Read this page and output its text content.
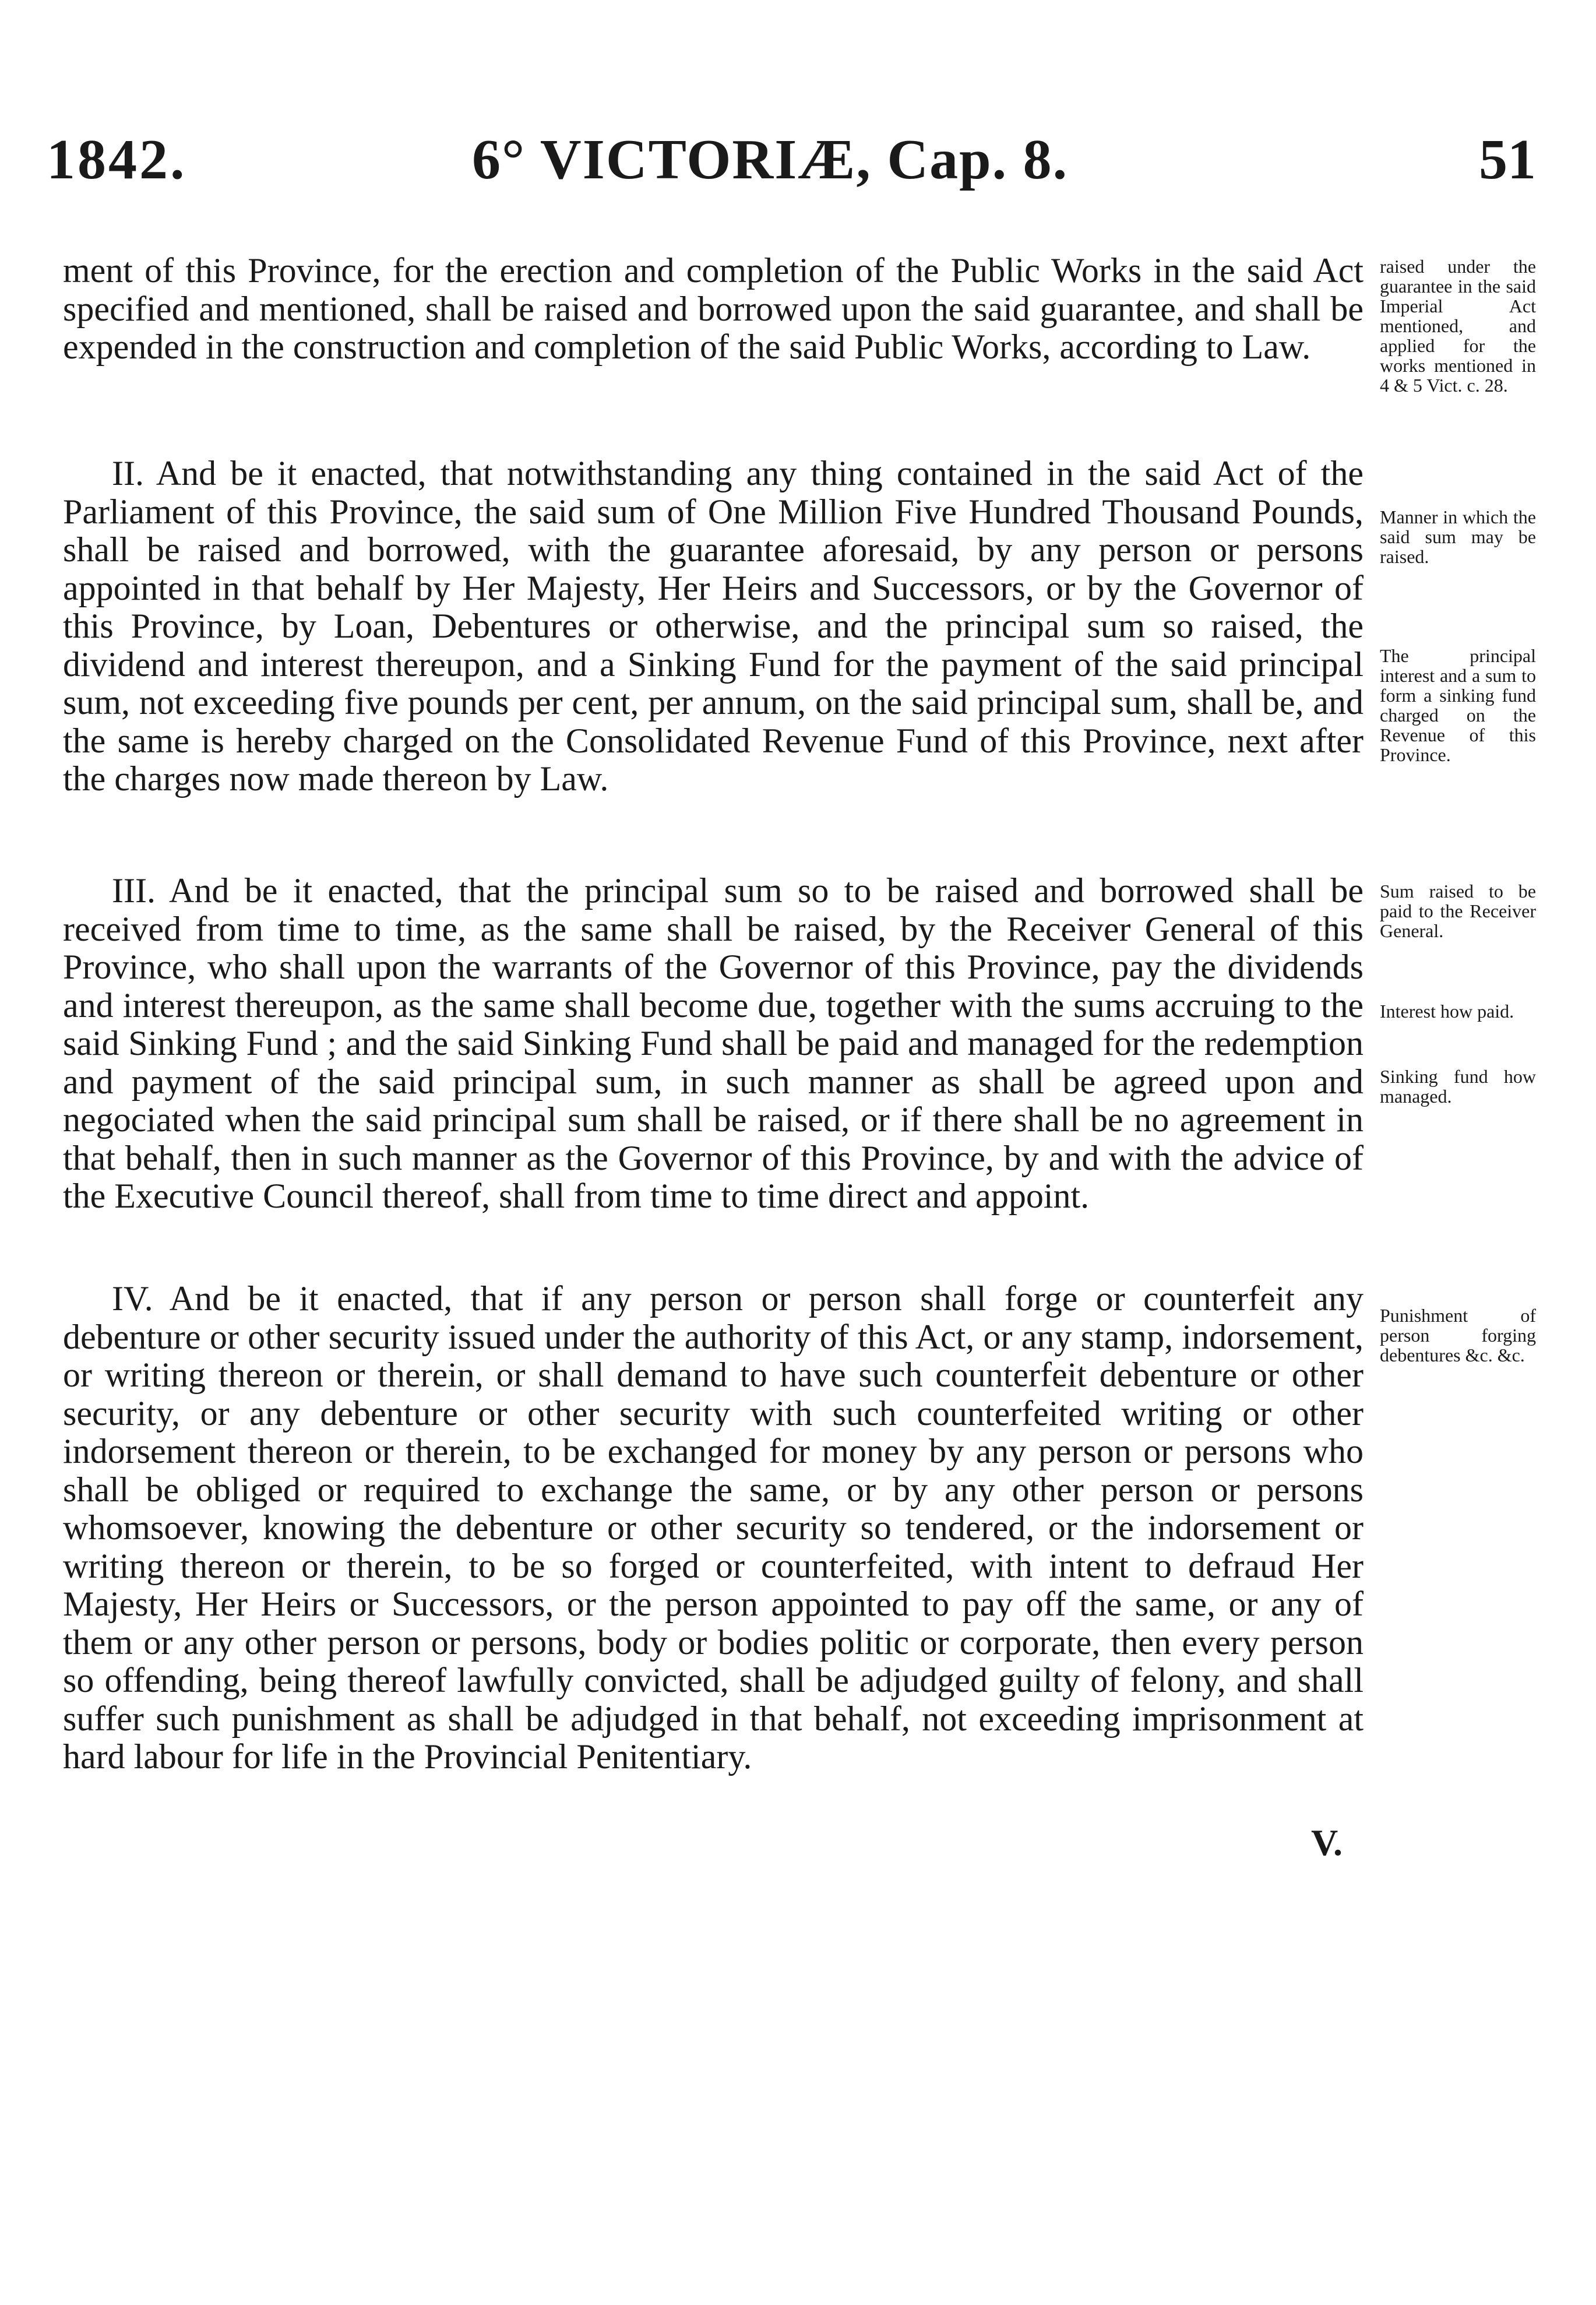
1842.	6° VICTORIÆ, Cap. 8.	51

ment of this Province, for the erection and completion of the Public Works in the said Act specified and mentioned, shall be raised and borrowed upon the said guarantee, and shall be expended in the construction and completion of the said Public Works, according to Law.

II. And be it enacted, that notwithstanding any thing contained in the said Act of the Parliament of this Province, the said sum of One Million Five Hundred Thousand Pounds, shall be raised and borrowed, with the guarantee aforesaid, by any person or persons appointed in that behalf by Her Majesty, Her Heirs and Successors, or by the Governor of this Province, by Loan, Debentures or otherwise, and the principal sum so raised, the dividend and interest thereupon, and a Sinking Fund for the payment of the said principal sum, not exceeding five pounds per cent, per annum, on the said principal sum, shall be, and the same is hereby charged on the Consolidated Revenue Fund of this Province, next after the charges now made thereon by Law.

III. And be it enacted, that the principal sum so to be raised and borrowed shall be received from time to time, as the same shall be raised, by the Receiver General of this Province, who shall upon the warrants of the Governor of this Province, pay the dividends and interest thereupon, as the same shall become due, together with the sums accruing to the said Sinking Fund ; and the said Sinking Fund shall be paid and managed for the redemption and payment of the said principal sum, in such manner as shall be agreed upon and negociated when the said principal sum shall be raised, or if there shall be no agreement in that behalf, then in such manner as the Governor of this Province, by and with the advice of the Executive Council thereof, shall from time to time direct and appoint.

IV. And be it enacted, that if any person or person shall forge or counterfeit any debenture or other security issued under the authority of this Act, or any stamp, indorsement, or writing thereon or therein, or shall demand to have such counterfeit debenture or other security, or any debenture or other security with such counterfeited writing or other indorsement thereon or therein, to be exchanged for money by any person or persons who shall be obliged or required to exchange the same, or by any other person or persons whomsoever, knowing the debenture or other security so tendered, or the indorsement or writing thereon or therein, to be so forged or counterfeited, with intent to defraud Her Majesty, Her Heirs or Successors, or the person appointed to pay off the same, or any of them or any other person or persons, body or bodies politic or corporate, then every person so offending, being thereof lawfully convicted, shall be adjudged guilty of felony, and shall suffer such punishment as shall be adjudged in that behalf, not exceeding imprisonment at hard labour for life in the Provincial Penitentiary.

raised under the guarantee in the said Imperial Act mentioned, and applied for the works mentioned in 4 & 5 Vict. c. 28.

Manner in which the said sum may be raised.

The principal interest and a sum to form a sinking fund charged on the Revenue of this Province.

Sum raised to be paid to the Receiver General.

Interest how paid.

Sinking fund how managed.

Punishment of person forging debentures &c. &c.

V.
